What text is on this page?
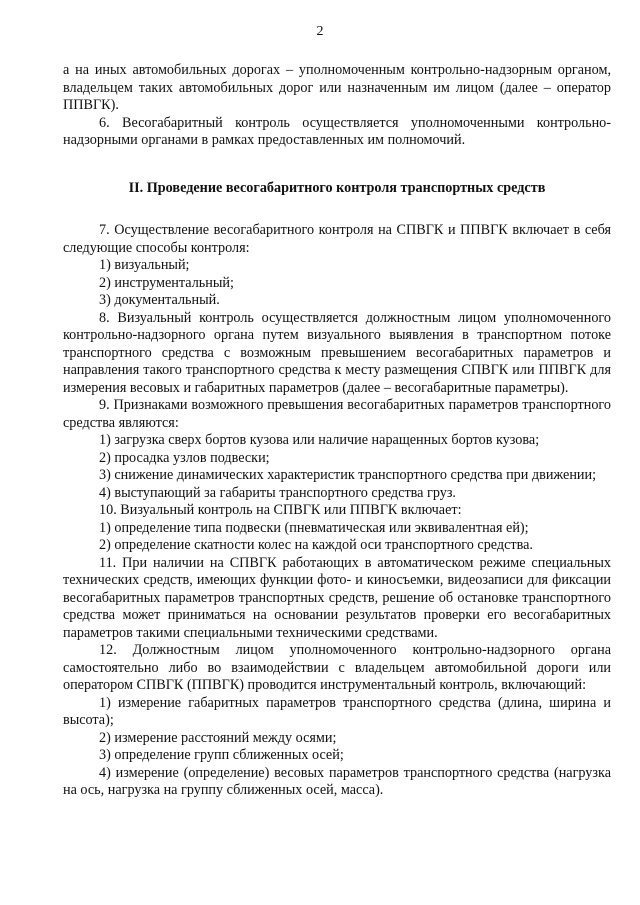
2

а на иных автомобильных дорогах – уполномоченным контрольно-надзорным органом, владельцем таких автомобильных дорог или назначенным им лицом (далее – оператор ППВГК).

6. Весогабаритный контроль осуществляется уполномоченными контрольно-надзорными органами в рамках предоставленных им полномочий.

II. Проведение весогабаритного контроля транспортных средств

7. Осуществление весогабаритного контроля на СПВГК и ППВГК включает в себя следующие способы контроля:

1) визуальный;

2) инструментальный;

3) документальный.

8. Визуальный контроль осуществляется должностным лицом уполномоченного контрольно-надзорного органа путем визуального выявления в транспортном потоке транспортного средства с возможным превышением весогабаритных параметров и направления такого транспортного средства к месту размещения СПВГК или ППВГК для измерения весовых и габаритных параметров (далее – весогабаритные параметры).

9. Признаками возможного превышения весогабаритных параметров транспортного средства являются:

1) загрузка сверх бортов кузова или наличие наращенных бортов кузова;

2) просадка узлов подвески;

3) снижение динамических характеристик транспортного средства при движении;

4) выступающий за габариты транспортного средства груз.

10. Визуальный контроль на СПВГК или ППВГК включает:

1) определение типа подвески (пневматическая или эквивалентная ей);

2) определение скатности колес на каждой оси транспортного средства.

11. При наличии на СПВГК работающих в автоматическом режиме специальных технических средств, имеющих функции фото- и киносъемки, видеозаписи для фиксации весогабаритных параметров транспортных средств, решение об остановке транспортного средства может приниматься на основании результатов проверки его весогабаритных параметров такими специальными техническими средствами.

12. Должностным лицом уполномоченного контрольно-надзорного органа самостоятельно либо во взаимодействии с владельцем автомобильной дороги или оператором СПВГК (ППВГК) проводится инструментальный контроль, включающий:

1) измерение габаритных параметров транспортного средства (длина, ширина и высота);

2) измерение расстояний между осями;

3) определение групп сближенных осей;

4) измерение (определение) весовых параметров транспортного средства (нагрузка на ось, нагрузка на группу сближенных осей, масса).
